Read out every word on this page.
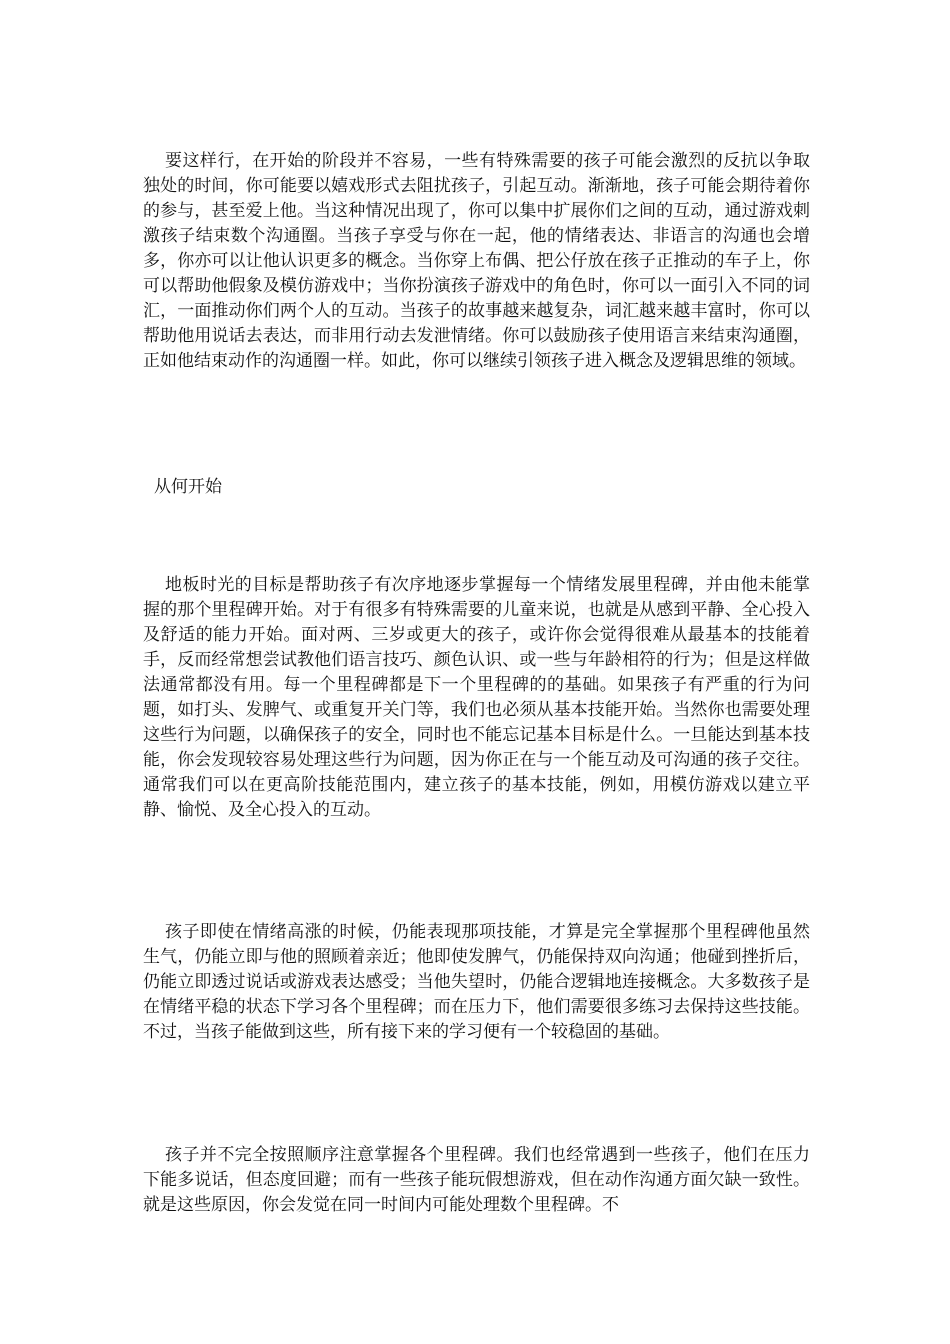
要这样行，在开始的阶段并不容易，一些有特殊需要的孩子可能会激烈的反抗以争取独处的时间，你可能要以嬉戏形式去阻扰孩子，引起互动。渐渐地，孩子可能会期待着你的参与，甚至爱上他。当这种情况出现了，你可以集中扩展你们之间的互动，通过游戏刺激孩子结束数个沟通圈。当孩子享受与你在一起，他的情绪表达、非语言的沟通也会增多，你亦可以让他认识更多的概念。当你穿上布偶、把公仔放在孩子正推动的车子上，你可以帮助他假象及模仿游戏中；当你扮演孩子游戏中的角色时，你可以一面引入不同的词汇，一面推动你们两个人的互动。当孩子的故事越来越复杂，词汇越来越丰富时，你可以帮助他用说话去表达，而非用行动去发泄情绪。你可以鼓励孩子使用语言来结束沟通圈，正如他结束动作的沟通圈一样。如此，你可以继续引领孩子进入概念及逻辑思维的领域。

从何开始

地板时光的目标是帮助孩子有次序地逐步掌握每一个情绪发展里程碑，并由他未能掌握的那个里程碑开始。对于有很多有特殊需要的儿童来说，也就是从感到平静、全心投入及舒适的能力开始。面对两、三岁或更大的孩子，或许你会觉得很难从最基本的技能着手，反而经常想尝试教他们语言技巧、颜色认识、或一些与年龄相符的行为；但是这样做法通常都没有用。每一个里程碑都是下一个里程碑的的基础。如果孩子有严重的行为问题，如打头、发脾气、或重复开关门等，我们也必须从基本技能开始。当然你也需要处理这些行为问题，以确保孩子的安全，同时也不能忘记基本目标是什么。一旦能达到基本技能，你会发现较容易处理这些行为问题，因为你正在与一个能互动及可沟通的孩子交往。通常我们可以在更高阶技能范围内，建立孩子的基本技能，例如，用模仿游戏以建立平静、愉悦、及全心投入的互动。

孩子即使在情绪高涨的时候，仍能表现那项技能，才算是完全掌握那个里程碑他虽然生气，仍能立即与他的照顾着亲近；他即使发脾气，仍能保持双向沟通；他碰到挫折后，仍能立即透过说话或游戏表达感受；当他失望时，仍能合逻辑地连接概念。大多数孩子是在情绪平稳的状态下学习各个里程碑；而在压力下，他们需要很多练习去保持这些技能。不过，当孩子能做到这些，所有接下来的学习便有一个较稳固的基础。

孩子并不完全按照顺序注意掌握各个里程碑。我们也经常遇到一些孩子，他们在压力下能多说话，但态度回避；而有一些孩子能玩假想游戏，但在动作沟通方面欠缺一致性。就是这些原因，你会发觉在同一时间内可能处理数个里程碑。不
